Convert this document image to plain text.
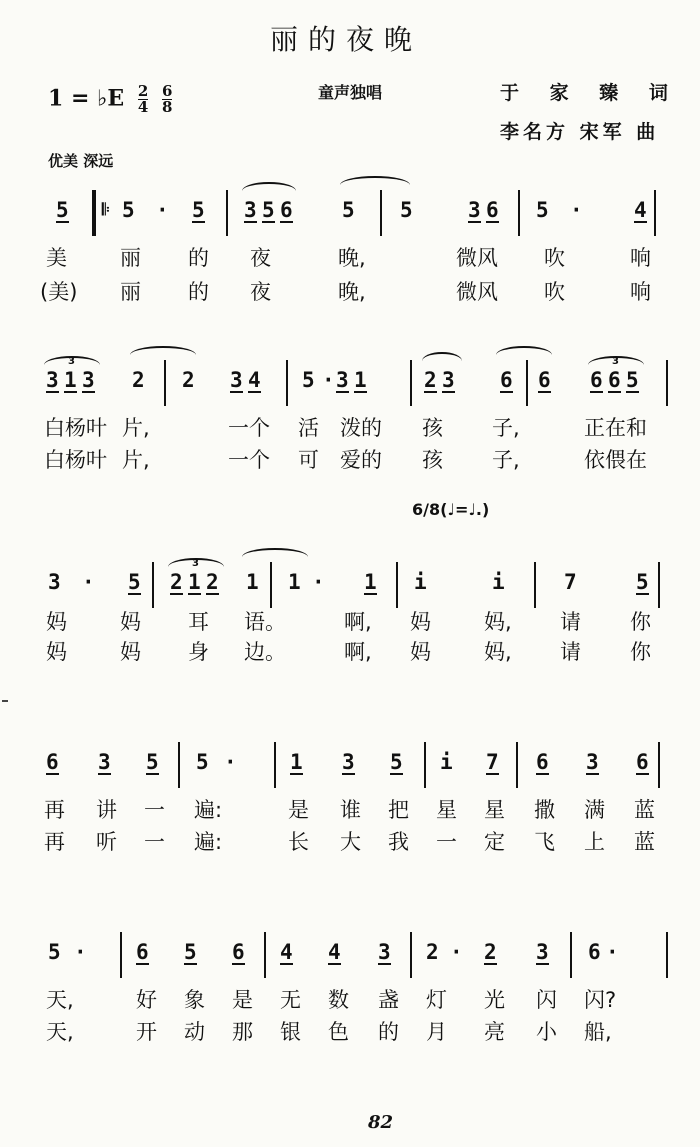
丽的夜晚
1 = ♭E $\frac{2}{4}$
$\frac{6}{8}$	童声独唱	于 家 臻 词
李名方 宋军 曲
优美 深远
6/8(♩=♩.)
82
5 𝄆 5 · 5 3 5 6 5 5	3 6 5 · 4
美	丽 的 夜	晚,	微风 吹	响
(美) 丽 的 夜	晚,	微风 吹	响
3
3 1 3 2 2 3 4 5 · 3 1	2 3 6 6
3
6 6 5
白杨叶 片,	一个 活 泼的 孩 子,	正在和
白杨叶 片,	一个 可 爱的 孩 子,	依偎在
3 · 5
3
2 1 2 1 1 · 1 i	i	7	5
妈	妈 耳 语。	啊, 妈	妈, 请 你
妈	妈 身 边。	啊, 妈	妈, 请 你
6 3 5 5 ·	1 3 5 i 7 6 3 6
再 讲 一 遍:	是 谁 把 星 星 撒 满 蓝
再 听 一 遍:	长 大 我 一 定 飞 上 蓝
5 · 6 5 6 4 4 3 2 · 2 3 6 ·
天,	好 象 是 无 数 盏 灯 光 闪 闪?
天,	开 动 那 银 色 的 月 亮 小 船,
